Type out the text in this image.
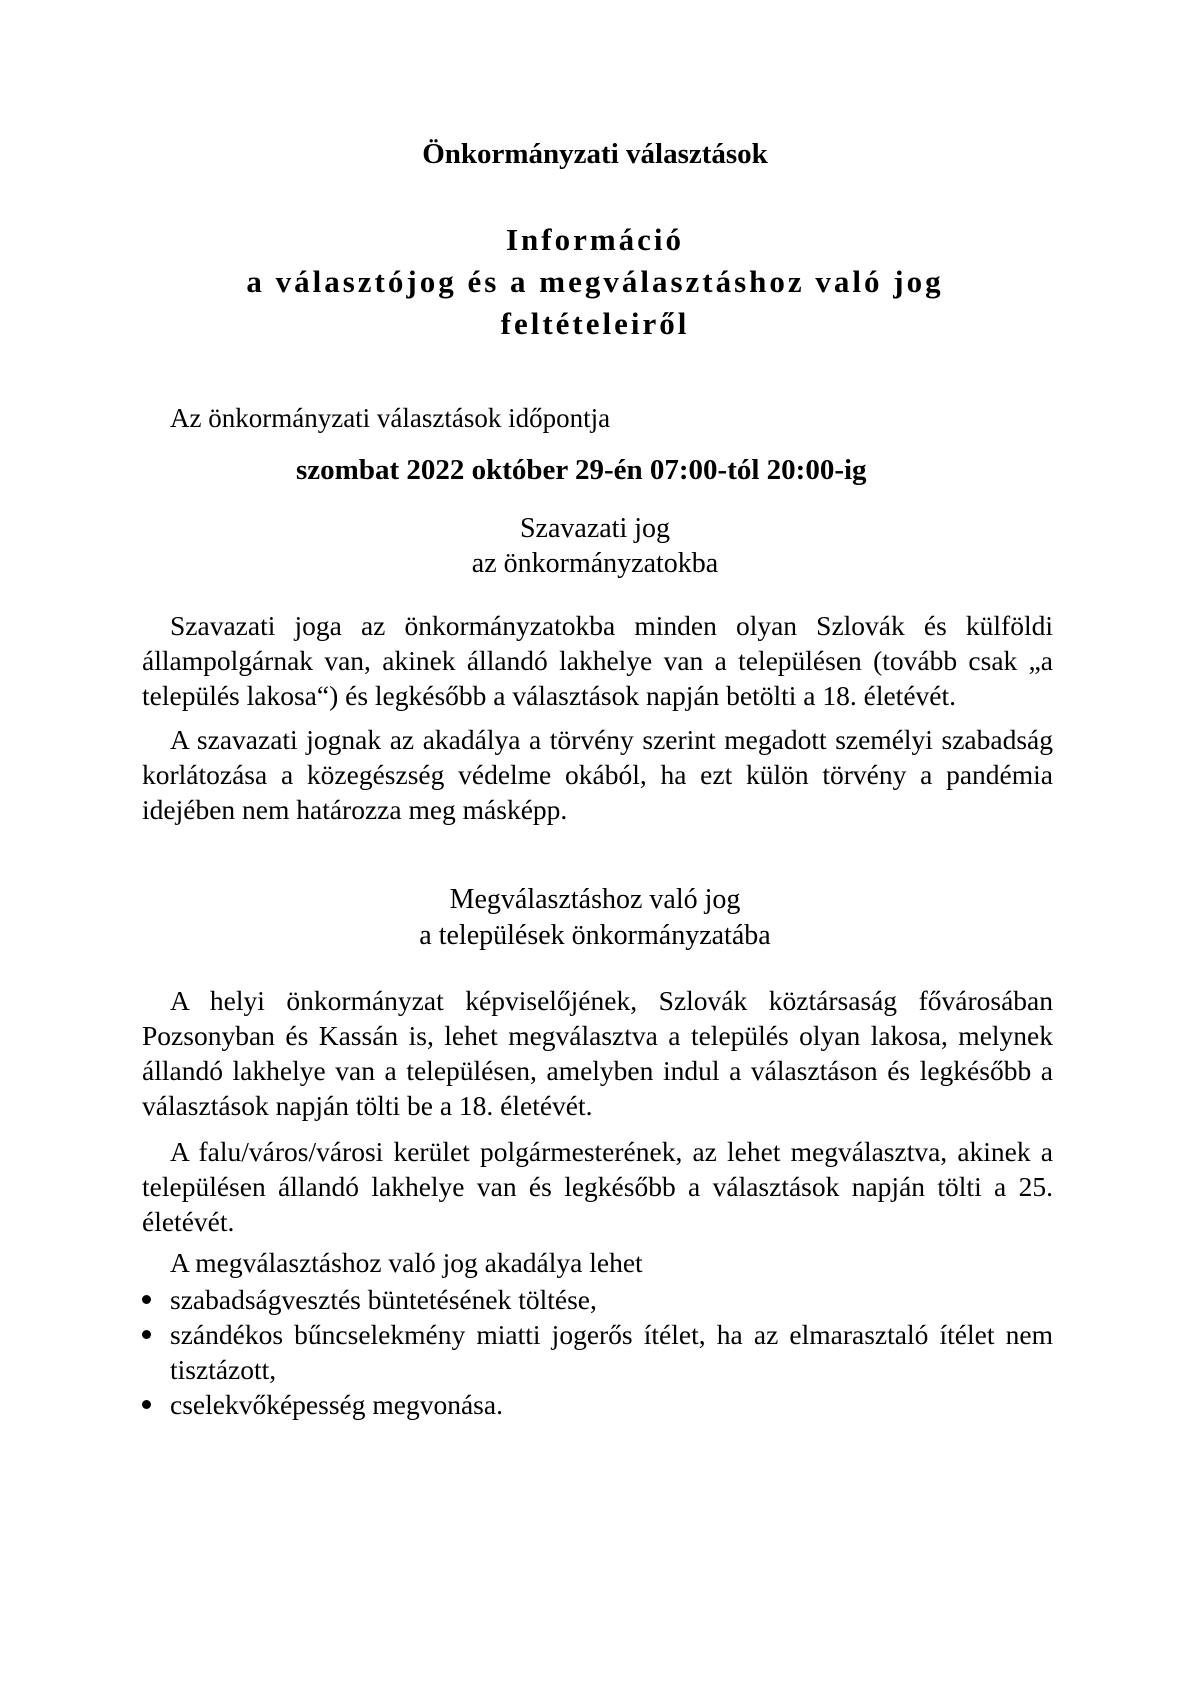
Önkormányzati választások
Információ
a választójog és a megválasztáshoz való jog
feltételeiről
Az önkormányzati választások időpontja
szombat 2022 október 29-én 07:00-tól 20:00-ig
Szavazati jog
az önkormányzatokba

Szavazati joga az önkormányzatokba minden olyan Szlovák és külföldi állampolgárnak van, akinek állandó lakhelye van a településen (tovább csak „a település lakosa“) és legkésőbb a választások napján betölti a 18. életévét.

A szavazati jognak az akadálya a törvény szerint megadott személyi szabadság korlátozása a közegészség védelme okából, ha ezt külön törvény a pandémia idejében nem határozza meg másképp.

Megválasztáshoz való jog
a települések önkormányzatába

A helyi önkormányzat képviselőjének, Szlovák köztársaság fővárosában Pozsonyban és Kassán is, lehet megválasztva a település olyan lakosa, melynek állandó lakhelye van a településen, amelyben indul a választáson és legkésőbb a választások napján tölti be a 18. életévét.

A falu/város/városi kerület polgármesterének, az lehet megválasztva, akinek a településen állandó lakhelye van és legkésőbb a választások napján tölti a 25. életévét.

A megválasztáshoz való jog akadálya lehet
szabadságvesztés büntetésének töltése,
szándékos bűncselekmény miatti jogerős ítélet, ha az elmarasztaló ítélet nem tisztázott,
cselekvőképesség megvonása.
